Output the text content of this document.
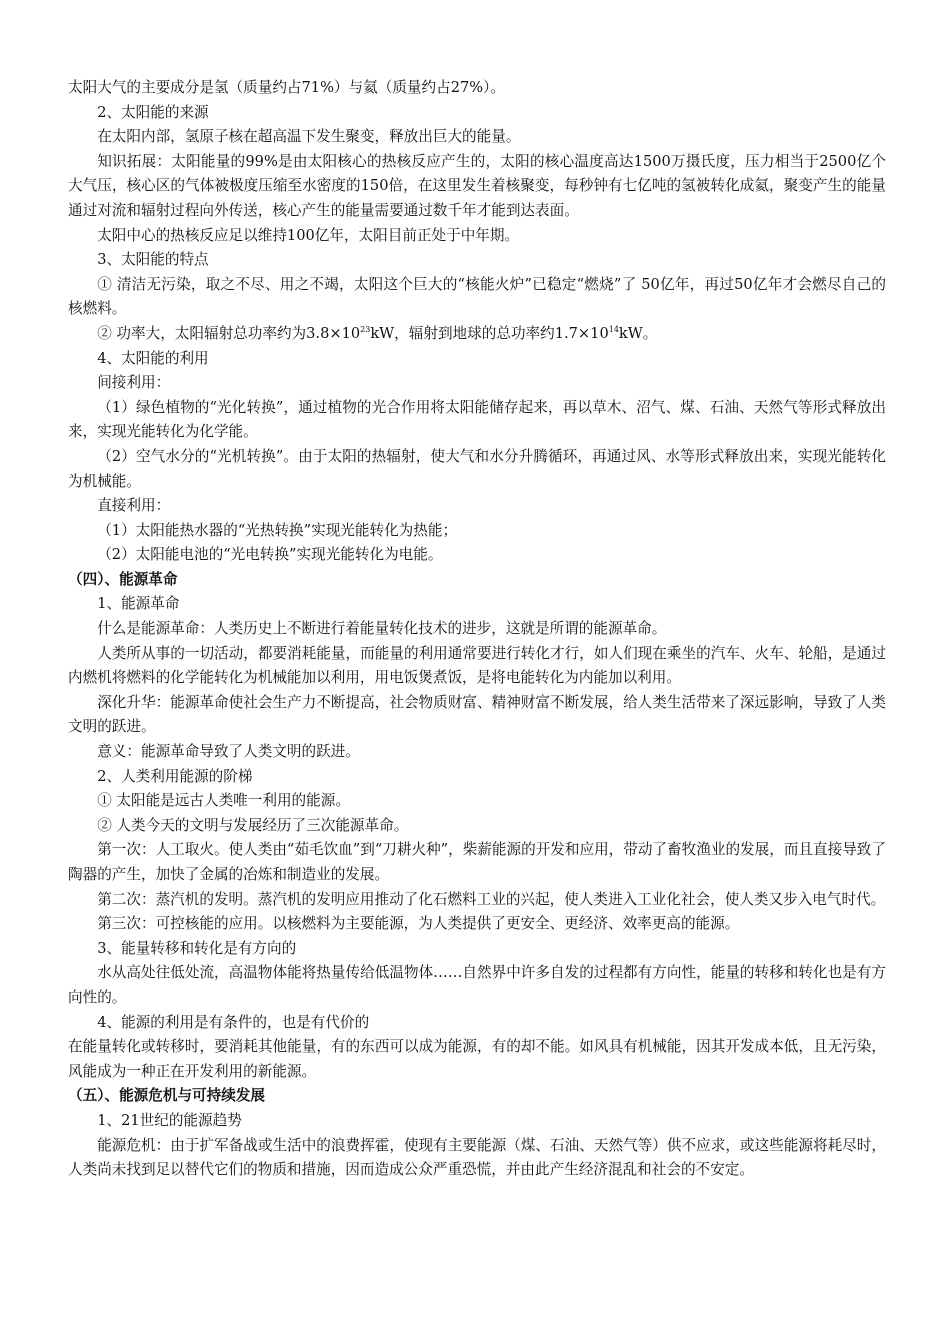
太阳大气的主要成分是氢（质量约占71%）与氦（质量约占27%）。

2、太阳能的来源

在太阳内部，氢原子核在超高温下发生聚变，释放出巨大的能量。

知识拓展：太阳能量的99%是由太阳核心的热核反应产生的，太阳的核心温度高达1500万摄氏度，压力相当于2500亿个大气压，核心区的气体被极度压缩至水密度的150倍，在这里发生着核聚变，每秒钟有七亿吨的氢被转化成氦，聚变产生的能量通过对流和辐射过程向外传送，核心产生的能量需要通过数千年才能到达表面。

太阳中心的热核反应足以维持100亿年，太阳目前正处于中年期。

3、太阳能的特点

① 清洁无污染，取之不尽、用之不竭，太阳这个巨大的“核能火炉”已稳定“燃烧”了 50亿年，再过50亿年才会燃尽自己的核燃料。

② 功率大，太阳辐射总功率约为$3.8\times 10^{23}kW$，辐射到地球的总功率约$1.7\times 10^{14}kW$。

4、太阳能的利用

间接利用：

（1）绿色植物的“光化转换”，通过植物的光合作用将太阳能储存起来，再以草木、沼气、煤、石油、天然气等形式释放出来，实现光能转化为化学能。

（2）空气水分的“光机转换”。由于太阳的热辐射，使大气和水分升腾循环，再通过风、水等形式释放出来，实现光能转化为机械能。

直接利用：

（1）太阳能热水器的“光热转换”实现光能转化为热能；

（2）太阳能电池的“光电转换”实现光能转化为电能。

（四）、能源革命

1、能源革命

什么是能源革命：人类历史上不断进行着能量转化技术的进步，这就是所谓的能源革命。

人类所从事的一切活动，都要消耗能量，而能量的利用通常要进行转化才行，如人们现在乘坐的汽车、火车、轮船，是通过内燃机将燃料的化学能转化为机械能加以利用，用电饭煲煮饭，是将电能转化为内能加以利用。

深化升华：能源革命使社会生产力不断提高，社会物质财富、精神财富不断发展，给人类生活带来了深远影响，导致了人类文明的跃进。

意义：能源革命导致了人类文明的跃进。

2、人类利用能源的阶梯

① 太阳能是远古人类唯一利用的能源。

② 人类今天的文明与发展经历了三次能源革命。

第一次：人工取火。使人类由“茹毛饮血”到“刀耕火种”，柴薪能源的开发和应用，带动了畜牧渔业的发展，而且直接导致了陶器的产生，加快了金属的冶炼和制造业的发展。

第二次：蒸汽机的发明。蒸汽机的发明应用推动了化石燃料工业的兴起，使人类进入工业化社会，使人类又步入电气时代。

第三次：可控核能的应用。以核燃料为主要能源，为人类提供了更安全、更经济、效率更高的能源。

3、能量转移和转化是有方向的

水从高处往低处流，高温物体能将热量传给低温物体……自然界中许多自发的过程都有方向性，能量的转移和转化也是有方向性的。

4、能源的利用是有条件的，也是有代价的

在能量转化或转移时，要消耗其他能量，有的东西可以成为能源，有的却不能。如风具有机械能，因其开发成本低，且无污染，风能成为一种正在开发利用的新能源。

（五）、能源危机与可持续发展

1、21世纪的能源趋势

能源危机：由于扩军备战或生活中的浪费挥霍，使现有主要能源（煤、石油、天然气等）供不应求，或这些能源将耗尽时，人类尚未找到足以替代它们的物质和措施，因而造成公众严重恐慌，并由此产生经济混乱和社会的不安定。
